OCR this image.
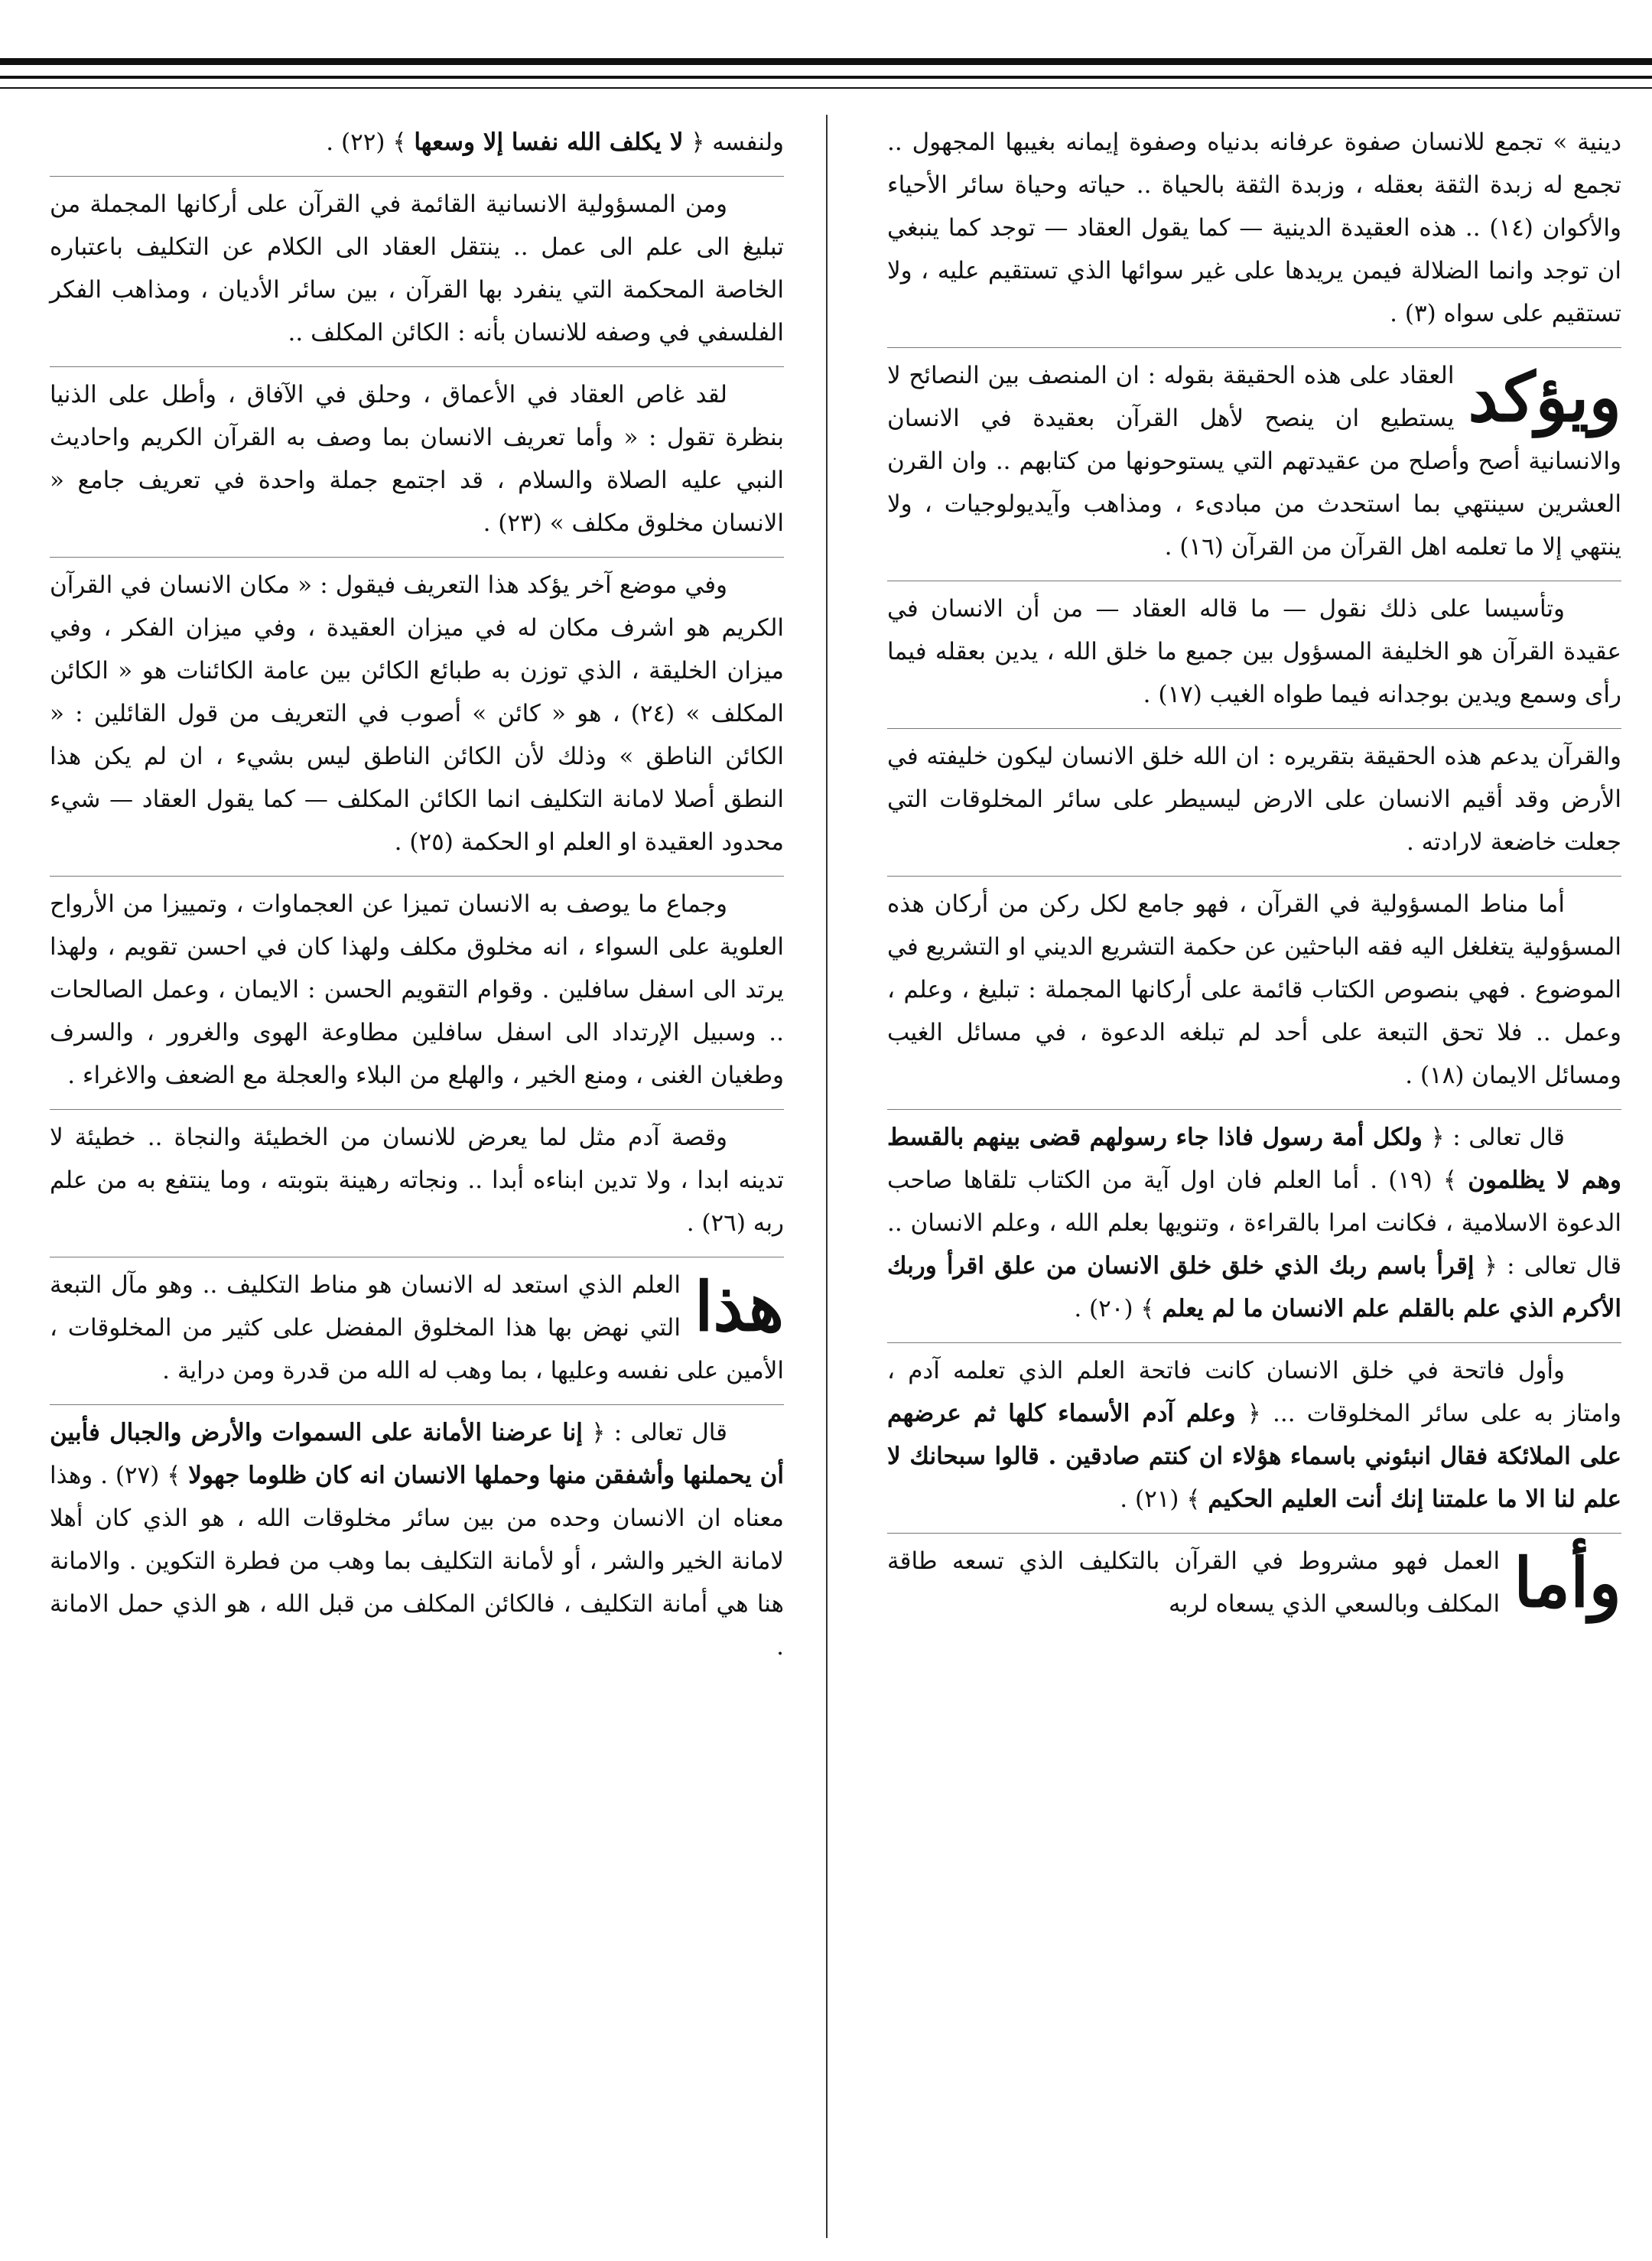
دينية » تجمع للانسان صفوة عرفانه بدنياه وصفوة إيمانه بغيبها المجهول .. تجمع له زبدة الثقة بعقله ، وزبدة الثقة بالحياة .. حياته وحياة سائر الأحياء والأكوان (١٤) .. هذه العقيدة الدينية — كما يقول العقاد — توجد كما ينبغي ان توجد وانما الضلالة فيمن يريدها على غير سوائها الذي تستقيم عليه ، ولا تستقيم على سواه (٣) .

ويؤكد
العقاد على هذه الحقيقة بقوله : ان المنصف بين النصائح لا يستطيع ان ينصح لأهل القرآن بعقيدة في الانسان والانسانية أصح وأصلح من عقيدتهم التي يستوحونها من كتابهم .. وان القرن العشرين سينتهي بما استحدث من مبادىء ، ومذاهب وآيديولوجيات ، ولا ينتهي إلا ما تعلمه اهل القرآن من القرآن (١٦) .

وتأسيسا على ذلك نقول — ما قاله العقاد — من أن الانسان في عقيدة القرآن هو الخليفة المسؤول بين جميع ما خلق الله ، يدين بعقله فيما رأى وسمع ويدين بوجدانه فيما طواه الغيب (١٧) .

والقرآن يدعم هذه الحقيقة بتقريره : ان الله خلق الانسان ليكون خليفته في الأرض وقد أقيم الانسان على الارض ليسيطر على سائر المخلوقات التي جعلت خاضعة لارادته .

أما مناط المسؤولية في القرآن ، فهو جامع لكل ركن من أركان هذه المسؤولية يتغلغل اليه فقه الباحثين عن حكمة التشريع الديني او التشريع في الموضوع . فهي بنصوص الكتاب قائمة على أركانها المجملة : تبليغ ، وعلم ، وعمل .. فلا تحق التبعة على أحد لم تبلغه الدعوة ، في مسائل الغيب ومسائل الايمان (١٨) .

قال تعالى : ﴿ ولكل أمة رسول فاذا جاء رسولهم قضى بينهم بالقسط وهم لا يظلمون ﴾ (١٩) . أما العلم فان اول آية من الكتاب تلقاها صاحب الدعوة الاسلامية ، فكانت امرا بالقراءة ، وتنويها بعلم الله ، وعلم الانسان .. قال تعالى : ﴿ إقرأ باسم ربك الذي خلق خلق الانسان من علق اقرأ وربك الأكرم الذي علم بالقلم علم الانسان ما لم يعلم ﴾ (٢٠) .

وأول فاتحة في خلق الانسان كانت فاتحة العلم الذي تعلمه آدم ، وامتاز به على سائر المخلوقات ... ﴿ وعلم آدم الأسماء كلها ثم عرضهم على الملائكة فقال انبئوني باسماء هؤلاء ان كنتم صادقين . قالوا سبحانك لا علم لنا الا ما علمتنا إنك أنت العليم الحكيم ﴾ (٢١) .

وأما
العمل فهو مشروط في القرآن بالتكليف الذي تسعه طاقة المكلف وبالسعي الذي يسعاه لربه

ولنفسه ﴿ لا يكلف الله نفسا إلا وسعها ﴾ (٢٢) .

ومن المسؤولية الانسانية القائمة في القرآن على أركانها المجملة من تبليغ الى علم الى عمل .. ينتقل العقاد الى الكلام عن التكليف باعتباره الخاصة المحكمة التي ينفرد بها القرآن ، بين سائر الأديان ، ومذاهب الفكر الفلسفي في وصفه للانسان بأنه : الكائن المكلف ..

لقد غاص العقاد في الأعماق ، وحلق في الآفاق ، وأطل على الذنيا بنظرة تقول : « وأما تعريف الانسان بما وصف به القرآن الكريم واحاديث النبي عليه الصلاة والسلام ، قد اجتمع جملة واحدة في تعريف جامع « الانسان مخلوق مكلف » (٢٣) .

وفي موضع آخر يؤكد هذا التعريف فيقول : « مكان الانسان في القرآن الكريم هو اشرف مكان له في ميزان العقيدة ، وفي ميزان الفكر ، وفي ميزان الخليقة ، الذي توزن به طبائع الكائن بين عامة الكائنات هو « الكائن المكلف » (٢٤) ، هو « كائن » أصوب في التعريف من قول القائلين : « الكائن الناطق » وذلك لأن الكائن الناطق ليس بشيء ، ان لم يكن هذا النطق أصلا لامانة التكليف انما الكائن المكلف — كما يقول العقاد — شيء محدود العقيدة او العلم او الحكمة (٢٥) .

وجماع ما يوصف به الانسان تميزا عن العجماوات ، وتمييزا من الأرواح العلوية على السواء ، انه مخلوق مكلف ولهذا كان في احسن تقويم ، ولهذا يرتد الى اسفل سافلين . وقوام التقويم الحسن : الايمان ، وعمل الصالحات .. وسبيل الإرتداد الى اسفل سافلين مطاوعة الهوى والغرور ، والسرف وطغيان الغنى ، ومنع الخير ، والهلع من البلاء والعجلة مع الضعف والاغراء .

وقصة آدم مثل لما يعرض للانسان من الخطيئة والنجاة .. خطيئة لا تدينه ابدا ، ولا تدين ابناءه أبدا .. ونجاته رهينة بتوبته ، وما ينتفع به من علم ربه (٢٦) .

هذا
العلم الذي استعد له الانسان هو مناط التكليف .. وهو مآل التبعة التي نهض بها هذا المخلوق المفضل على كثير من المخلوقات ، الأمين على نفسه وعليها ، بما وهب له الله من قدرة ومن دراية .

قال تعالى : ﴿ إنا عرضنا الأمانة على السموات والأرض والجبال فأبين أن يحملنها وأشفقن منها وحملها الانسان انه كان ظلوما جهولا ﴾ (٢٧) . وهذا معناه ان الانسان وحده من بين سائر مخلوقات الله ، هو الذي كان أهلا لامانة الخير والشر ، أو لأمانة التكليف بما وهب من فطرة التكوين . والامانة هنا هي أمانة التكليف ، فالكائن المكلف من قبل الله ، هو الذي حمل الامانة .
